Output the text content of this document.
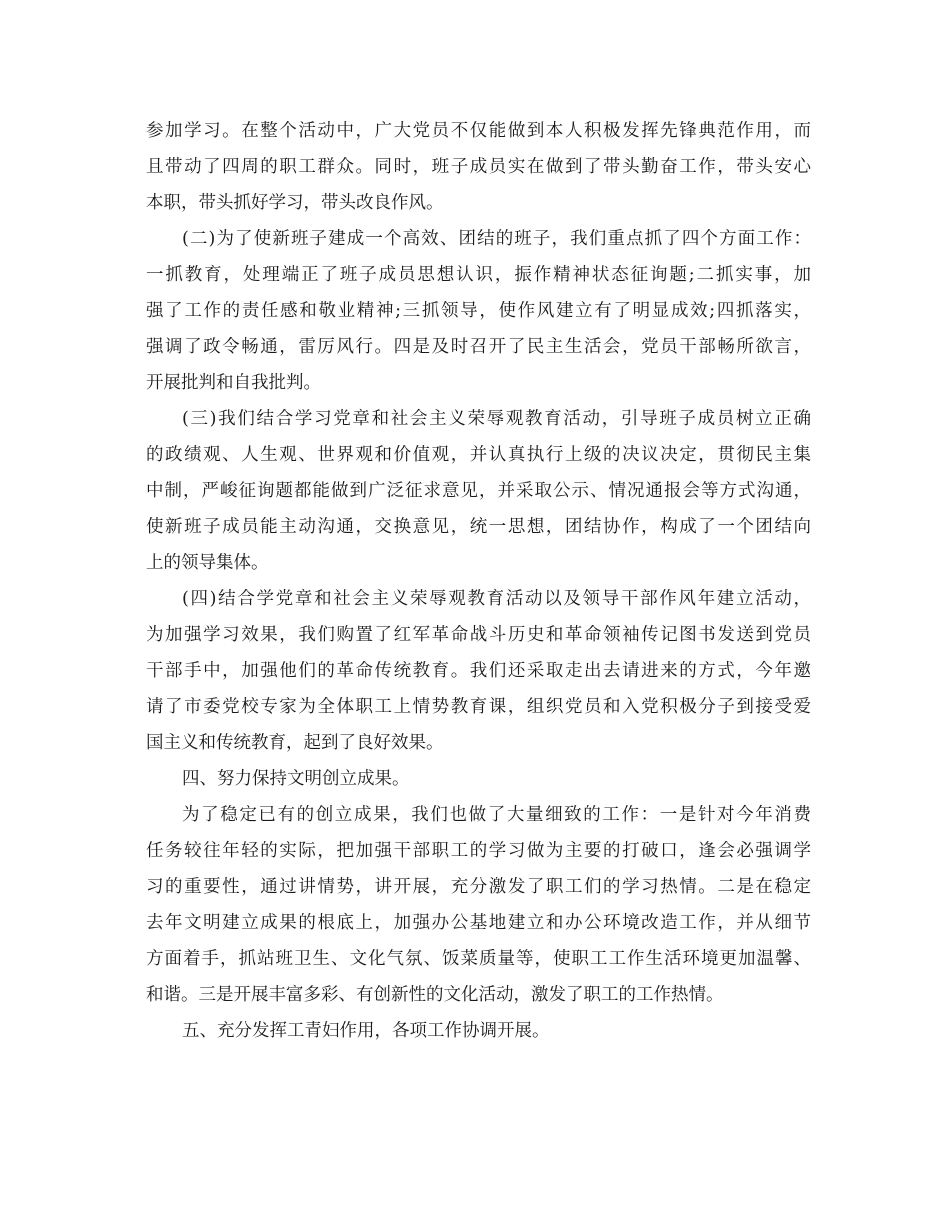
参加学习。在整个活动中，广大党员不仅能做到本人积极发挥先锋典范作用，而
且带动了四周的职工群众。同时，班子成员实在做到了带头勤奋工作，带头安心
本职，带头抓好学习，带头改良作风。
(二)为了使新班子建成一个高效、团结的班子，我们重点抓了四个方面工作：
一抓教育，处理端正了班子成员思想认识，振作精神状态征询题;二抓实事，加
强了工作的责任感和敬业精神;三抓领导，使作风建立有了明显成效;四抓落实，
强调了政令畅通，雷厉风行。四是及时召开了民主生活会，党员干部畅所欲言，
开展批判和自我批判。
(三)我们结合学习党章和社会主义荣辱观教育活动，引导班子成员树立正确
的政绩观、人生观、世界观和价值观，并认真执行上级的决议决定，贯彻民主集
中制，严峻征询题都能做到广泛征求意见，并采取公示、情况通报会等方式沟通，
使新班子成员能主动沟通，交换意见，统一思想，团结协作，构成了一个团结向
上的领导集体。
(四)结合学党章和社会主义荣辱观教育活动以及领导干部作风年建立活动，
为加强学习效果，我们购置了红军革命战斗历史和革命领袖传记图书发送到党员
干部手中，加强他们的革命传统教育。我们还采取走出去请进来的方式，今年邀
请了市委党校专家为全体职工上情势教育课，组织党员和入党积极分子到接受爱
国主义和传统教育，起到了良好效果。
四、努力保持文明创立成果。
为了稳定已有的创立成果，我们也做了大量细致的工作：一是针对今年消费
任务较往年轻的实际，把加强干部职工的学习做为主要的打破口，逢会必强调学
习的重要性，通过讲情势，讲开展，充分激发了职工们的学习热情。二是在稳定
去年文明建立成果的根底上，加强办公基地建立和办公环境改造工作，并从细节
方面着手，抓站班卫生、文化气氛、饭菜质量等，使职工工作生活环境更加温馨、
和谐。三是开展丰富多彩、有创新性的文化活动，激发了职工的工作热情。
五、充分发挥工青妇作用，各项工作协调开展。
